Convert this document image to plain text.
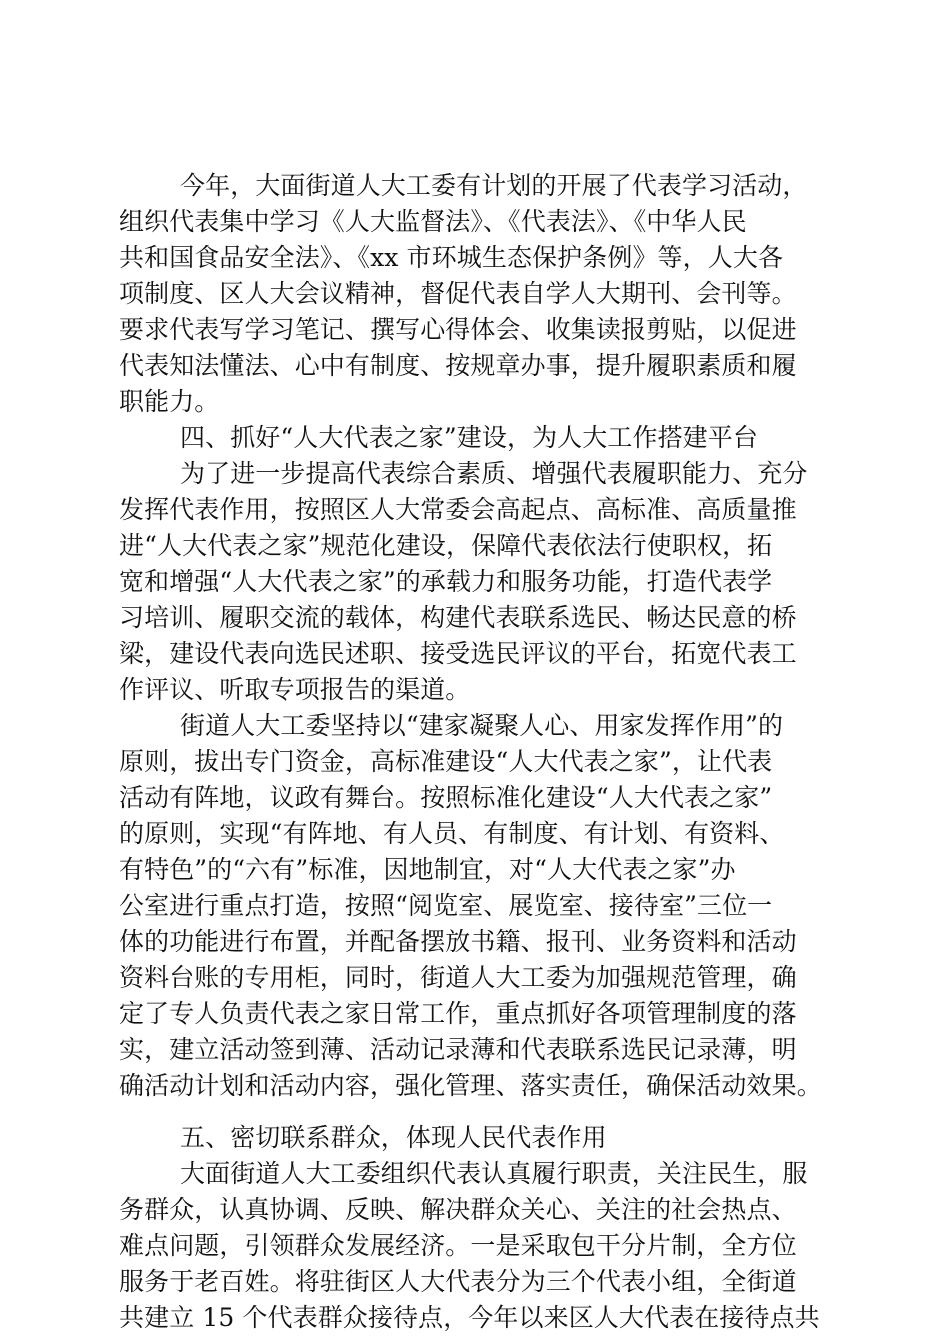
今年，大面街道人大工委有计划的开展了代表学习活动，
组织代表集中学习《人大监督法》、《代表法》、《中华人民
共和国食品安全法》、《xx 市环城生态保护条例》等，人大各
项制度、区人大会议精神，督促代表自学人大期刊、会刊等。
要求代表写学习笔记、撰写心得体会、收集读报剪贴，以促进
代表知法懂法、心中有制度、按规章办事，提升履职素质和履
职能力。
四、抓好“人大代表之家”建设，为人大工作搭建平台
为了进一步提高代表综合素质、增强代表履职能力、充分
发挥代表作用，按照区人大常委会高起点、高标准、高质量推
进“人大代表之家”规范化建设，保障代表依法行使职权，拓
宽和增强“人大代表之家”的承载力和服务功能，打造代表学
习培训、履职交流的载体，构建代表联系选民、畅达民意的桥
梁，建设代表向选民述职、接受选民评议的平台，拓宽代表工
作评议、听取专项报告的渠道。
街道人大工委坚持以“建家凝聚人心、用家发挥作用”的
原则，拔出专门资金，高标准建设“人大代表之家”，让代表
活动有阵地，议政有舞台。按照标准化建设“人大代表之家”
的原则，实现“有阵地、有人员、有制度、有计划、有资料、
有特色”的“六有”标准，因地制宜，对“人大代表之家”办
公室进行重点打造，按照“阅览室、展览室、接待室”三位一
体的功能进行布置，并配备摆放书籍、报刊、业务资料和活动
资料台账的专用柜，同时，街道人大工委为加强规范管理，确
定了专人负责代表之家日常工作，重点抓好各项管理制度的落
实，建立活动签到薄、活动记录薄和代表联系选民记录薄，明
确活动计划和活动内容，强化管理、落实责任，确保活动效果。
五、密切联系群众，体现人民代表作用
大面街道人大工委组织代表认真履行职责，关注民生，服
务群众，认真协调、反映、解决群众关心、关注的社会热点、
难点问题，引领群众发展经济。一是采取包干分片制，全方位
服务于老百姓。将驻街区人大代表分为三个代表小组，全街道
共建立 15 个代表群众接待点，今年以来区人大代表在接待点共
